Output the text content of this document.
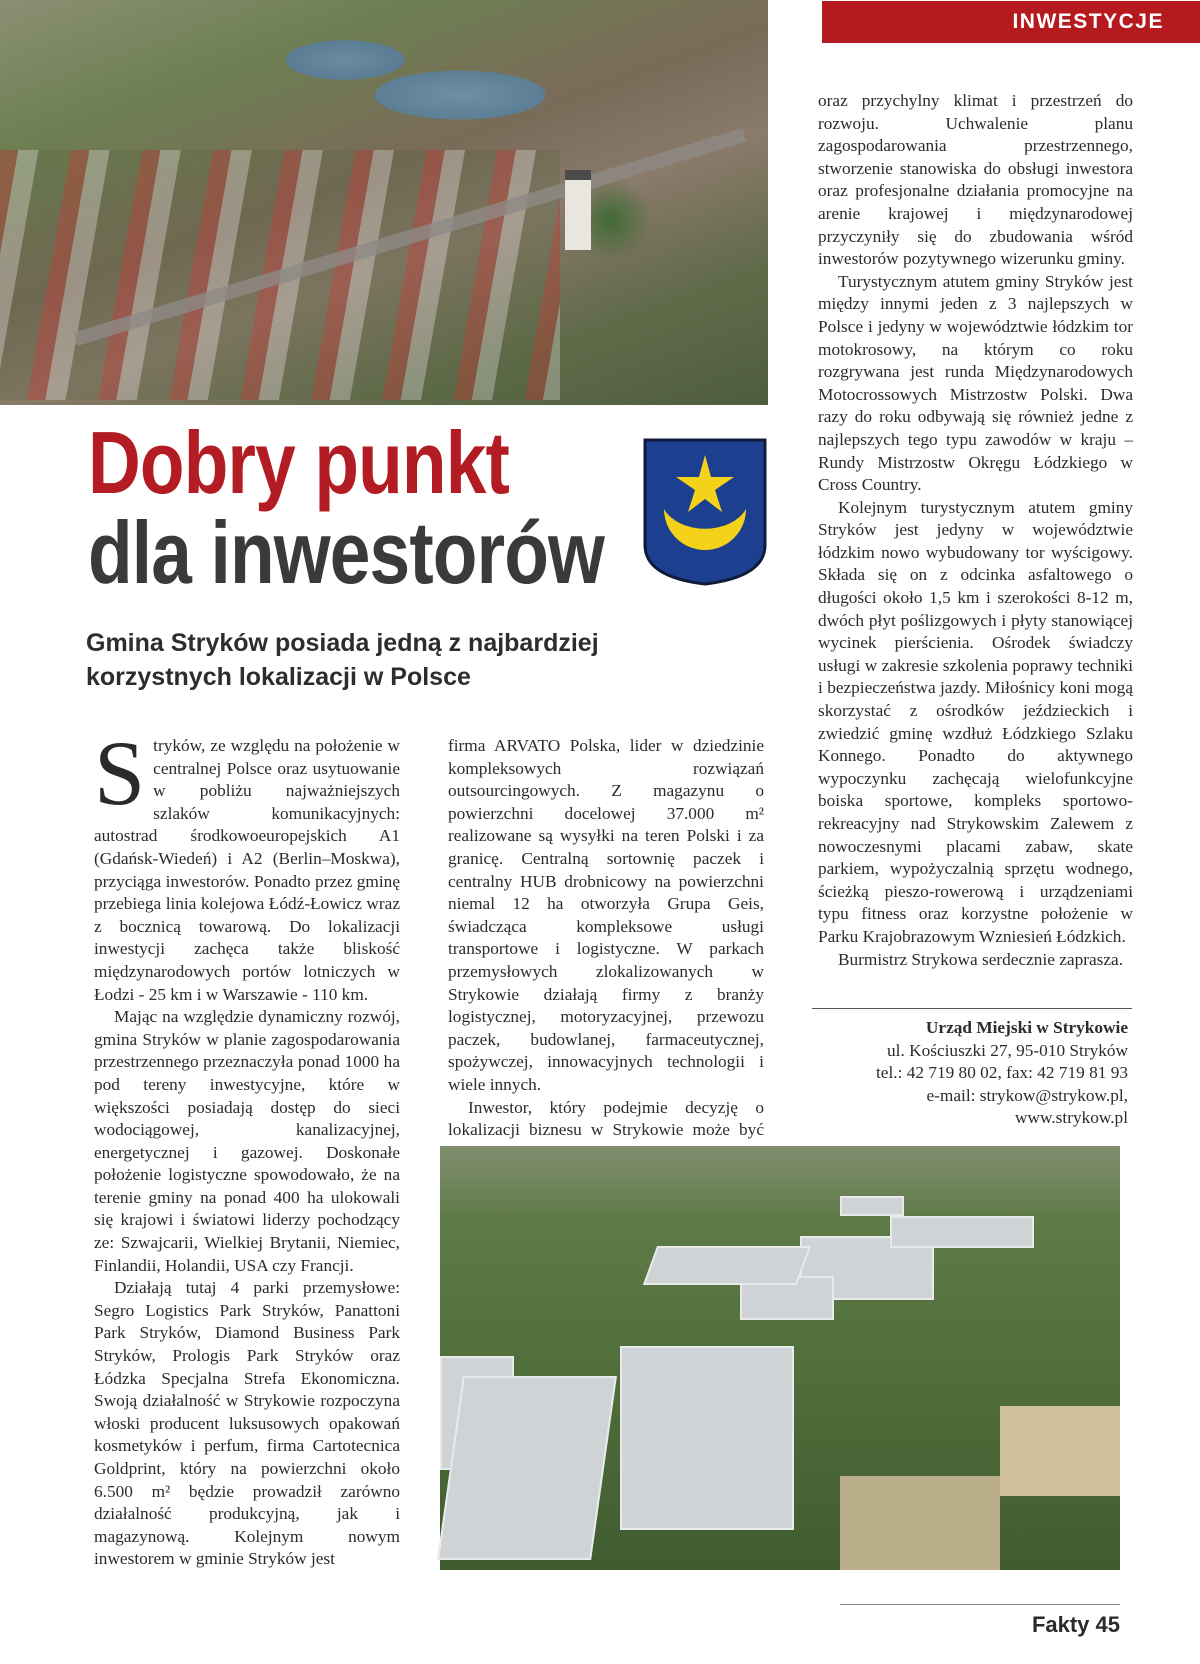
INWESTYCJE
Dobry punkt
dla inwestorów
Gmina Stryków posiada jedną z najbardziej korzystnych lokalizacji w Polsce

Stryków, ze względu na położenie w centralnej Polsce oraz usytuowanie w pobliżu najważniejszych szlaków komunikacyjnych: autostrad środkowoeuropejskich A1 (Gdańsk-Wiedeń) i A2 (Berlin–Moskwa), przyciąga inwestorów. Ponadto przez gminę przebiega linia kolejowa Łódź-Łowicz wraz z bocznicą towarową. Do lokalizacji inwestycji zachęca także bliskość międzynarodowych portów lotniczych w Łodzi - 25 km i w Warszawie - 110 km.

Mając na względzie dynamiczny rozwój, gmina Stryków w planie zagospodarowania przestrzennego przeznaczyła ponad 1000 ha pod tereny inwestycyjne, które w większości posiadają dostęp do sieci wodociągowej, kanalizacyjnej, energetycznej i gazowej. Doskonałe położenie logistyczne spowodowało, że na terenie gminy na ponad 400 ha ulokowali się krajowi i światowi liderzy pochodzący ze: Szwajcarii, Wielkiej Brytanii, Niemiec, Finlandii, Holandii, USA czy Francji.

Działają tutaj 4 parki przemysłowe: Segro Logistics Park Stryków, Panattoni Park Stryków, Diamond Business Park Stryków, Prologis Park Stryków oraz Łódzka Specjalna Strefa Ekonomiczna. Swoją działalność w Strykowie rozpoczyna włoski producent luksusowych opakowań kosmetyków i perfum, firma Cartotecnica Goldprint, który na powierzchni około 6.500 m² będzie prowadził zarówno działalność produkcyjną, jak i magazynową. Kolejnym nowym inwestorem w gminie Stryków jest

firma ARVATO Polska, lider w dziedzinie kompleksowych rozwiązań outsourcingowych. Z magazynu o powierzchni docelowej 37.000 m² realizowane są wysyłki na teren Polski i za granicę. Centralną sortownię paczek i centralny HUB drobnicowy na powierzchni niemal 12 ha otworzyła Grupa Geis, świadcząca kompleksowe usługi transportowe i logistyczne. W parkach przemysłowych zlokalizowanych w Strykowie działają firmy z branży logistycznej, motoryzacyjnej, przewozu paczek, budowlanej, farmaceutycznej, spożywczej, innowacyjnych technologii i wiele innych.

Inwestor, który podejmie decyzję o lokalizacji biznesu w Strykowie może być

oraz przychylny klimat i przestrzeń do rozwoju. Uchwalenie planu zagospodarowania przestrzennego, stworzenie stanowiska do obsługi inwestora oraz profesjonalne działania promocyjne na arenie krajowej i międzynarodowej przyczyniły się do zbudowania wśród inwestorów pozytywnego wizerunku gminy.

Turystycznym atutem gminy Stryków jest między innymi jeden z 3 najlepszych w Polsce i jedyny w województwie łódzkim tor motokrosowy, na którym co roku rozgrywana jest runda Międzynarodowych Motocrossowych Mistrzostw Polski. Dwa razy do roku odbywają się również jedne z najlepszych tego typu zawodów w kraju – Rundy Mistrzostw Okręgu Łódzkiego w Cross Country.

Kolejnym turystycznym atutem gminy Stryków jest jedyny w województwie łódzkim nowo wybudowany tor wyścigowy. Składa się on z odcinka asfaltowego o długości około 1,5 km i szerokości 8-12 m, dwóch płyt poślizgowych i płyty stanowiącej wycinek pierścienia. Ośrodek świadczy usługi w zakresie szkolenia poprawy techniki i bezpieczeństwa jazdy. Miłośnicy koni mogą skorzystać z ośrodków jeździeckich i zwiedzić gminę wzdłuż Łódzkiego Szlaku Konnego. Ponadto do aktywnego wypoczynku zachęcają wielofunkcyjne boiska sportowe, kompleks sportowo-rekreacyjny nad Strykowskim Zalewem z nowoczesnymi placami zabaw, skate parkiem, wypożyczalnią sprzętu wodnego, ścieżką pieszo-rowerową i urządzeniami typu fitness oraz korzystne położenie w Parku Krajobrazowym Wzniesień Łódzkich.

Burmistrz Strykowa serdecznie zaprasza.

Urząd Miejski w Strykowie
ul. Kościuszki 27, 95-010 Stryków
tel.: 42 719 80 02, fax: 42 719 81 93
e-mail: strykow@strykow.pl,
www.strykow.pl
Fakty 45
